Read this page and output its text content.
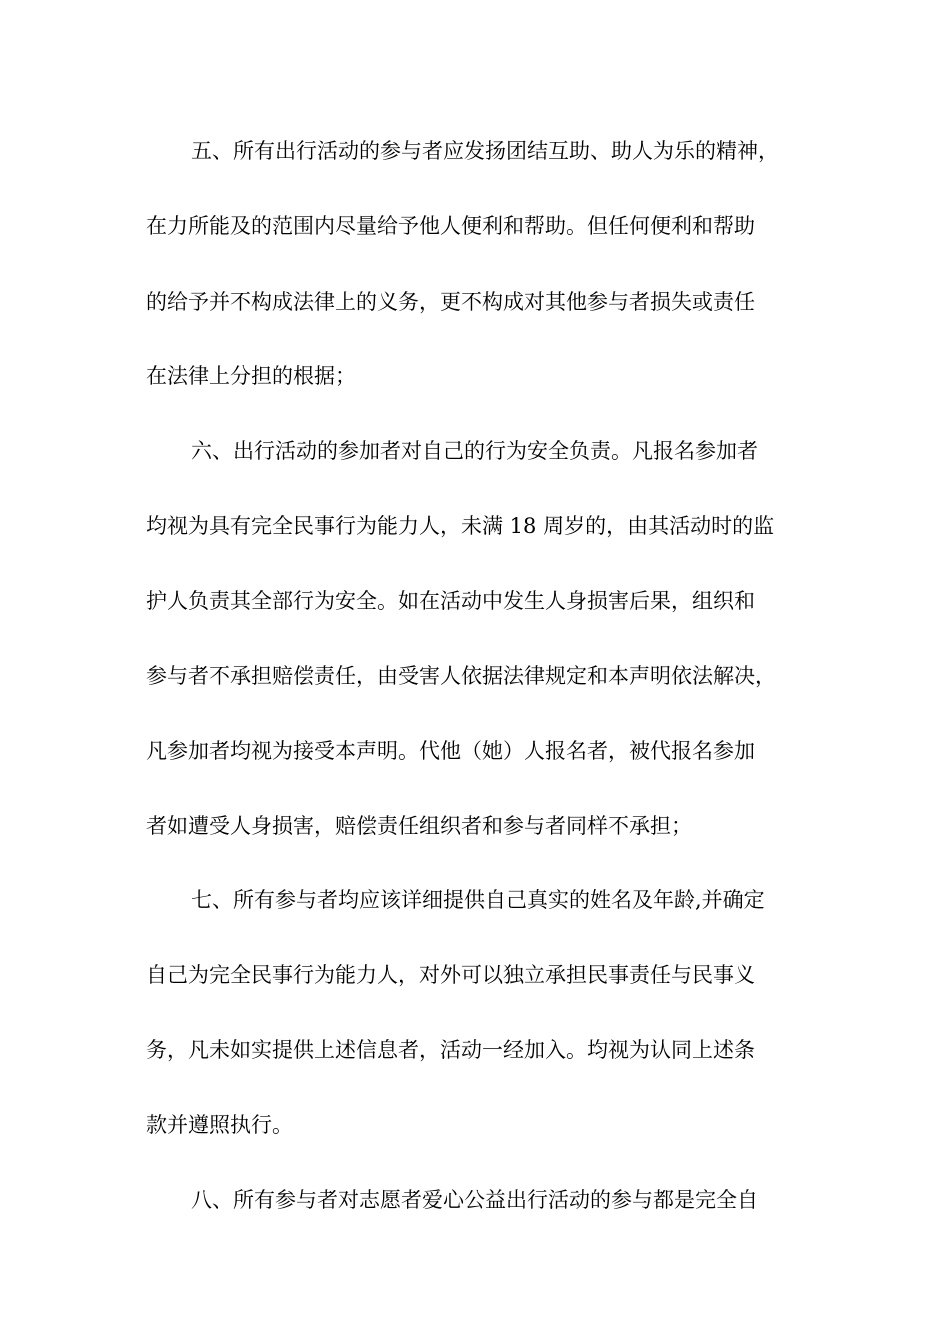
五、所有出行活动的参与者应发扬团结互助、助人为乐的精神，
在力所能及的范围内尽量给予他人便利和帮助。但任何便利和帮助
的给予并不构成法律上的义务，更不构成对其他参与者损失或责任
在法律上分担的根据；
六、出行活动的参加者对自己的行为安全负责。凡报名参加者
均视为具有完全民事行为能力人，未满 18 周岁的，由其活动时的监
护人负责其全部行为安全。如在活动中发生人身损害后果，组织和
参与者不承担赔偿责任，由受害人依据法律规定和本声明依法解决，
凡参加者均视为接受本声明。代他（她）人报名者，被代报名参加
者如遭受人身损害，赔偿责任组织者和参与者同样不承担；
七、所有参与者均应该详细提供自己真实的姓名及年龄,并确定
自己为完全民事行为能力人，对外可以独立承担民事责任与民事义
务，凡未如实提供上述信息者，活动一经加入。均视为认同上述条
款并遵照执行。
八、所有参与者对志愿者爱心公益出行活动的参与都是完全自
